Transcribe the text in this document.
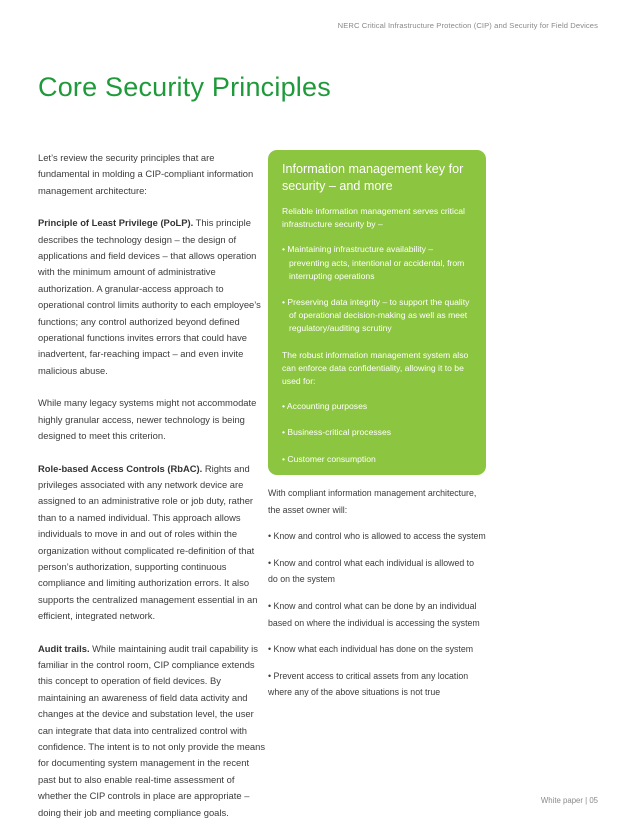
NERC Critical Infrastructure Protection (CIP) and Security for Field Devices
Core Security Principles

Let’s review the security principles that are fundamental in molding a CIP-compliant information management architecture:

Principle of Least Privilege (PoLP). This principle describes the technology design – the design of applications and field devices – that allows operation with the minimum amount of administrative authorization. A granular-access approach to operational control limits authority to each employee’s functions; any control authorized beyond defined operational functions invites errors that could have inadvertent, far-reaching impact – and even invite malicious abuse.

While many legacy systems might not accommodate highly granular access, newer technology is being designed to meet this criterion.

Role-based Access Controls (RbAC). Rights and privileges associated with any network device are assigned to an administrative role or job duty, rather than to a named individual. This approach allows individuals to move in and out of roles within the organization without complicated re-definition of that person’s authorization, supporting continuous compliance and limiting authorization errors. It also supports the centralized management essential in an efficient, integrated network.

Audit trails. While maintaining audit trail capability is familiar in the control room, CIP compliance extends this concept to operation of field devices. By maintaining an awareness of field data activity and changes at the device and substation level, the user can integrate that data into centralized control with confidence. The intent is to not only provide the means for documenting system management in the recent past but to also enable real-time assessment of whether the CIP controls in place are appropriate – doing their job and meeting compliance goals.

Information management key for security – and more

Reliable information management serves critical infrastructure security by –

• Maintaining infrastructure availability – preventing acts, intentional or accidental, from interrupting operations
• Preserving data integrity – to support the quality of operational decision-making as well as meet regulatory/auditing scrutiny

The robust information management system also can enforce data confidentiality, allowing it to be used for:

• Accounting purposes
• Business-critical processes
• Customer consumption

With compliant information management architecture, the asset owner will:

• Know and control who is allowed to access the system

• Know and control what each individual is allowed to do on the system

• Know and control what can be done by an individual based on where the individual is accessing the system

• Know what each individual has done on the system

• Prevent access to critical assets from any location where any of the above situations is not true

White paper | 05
